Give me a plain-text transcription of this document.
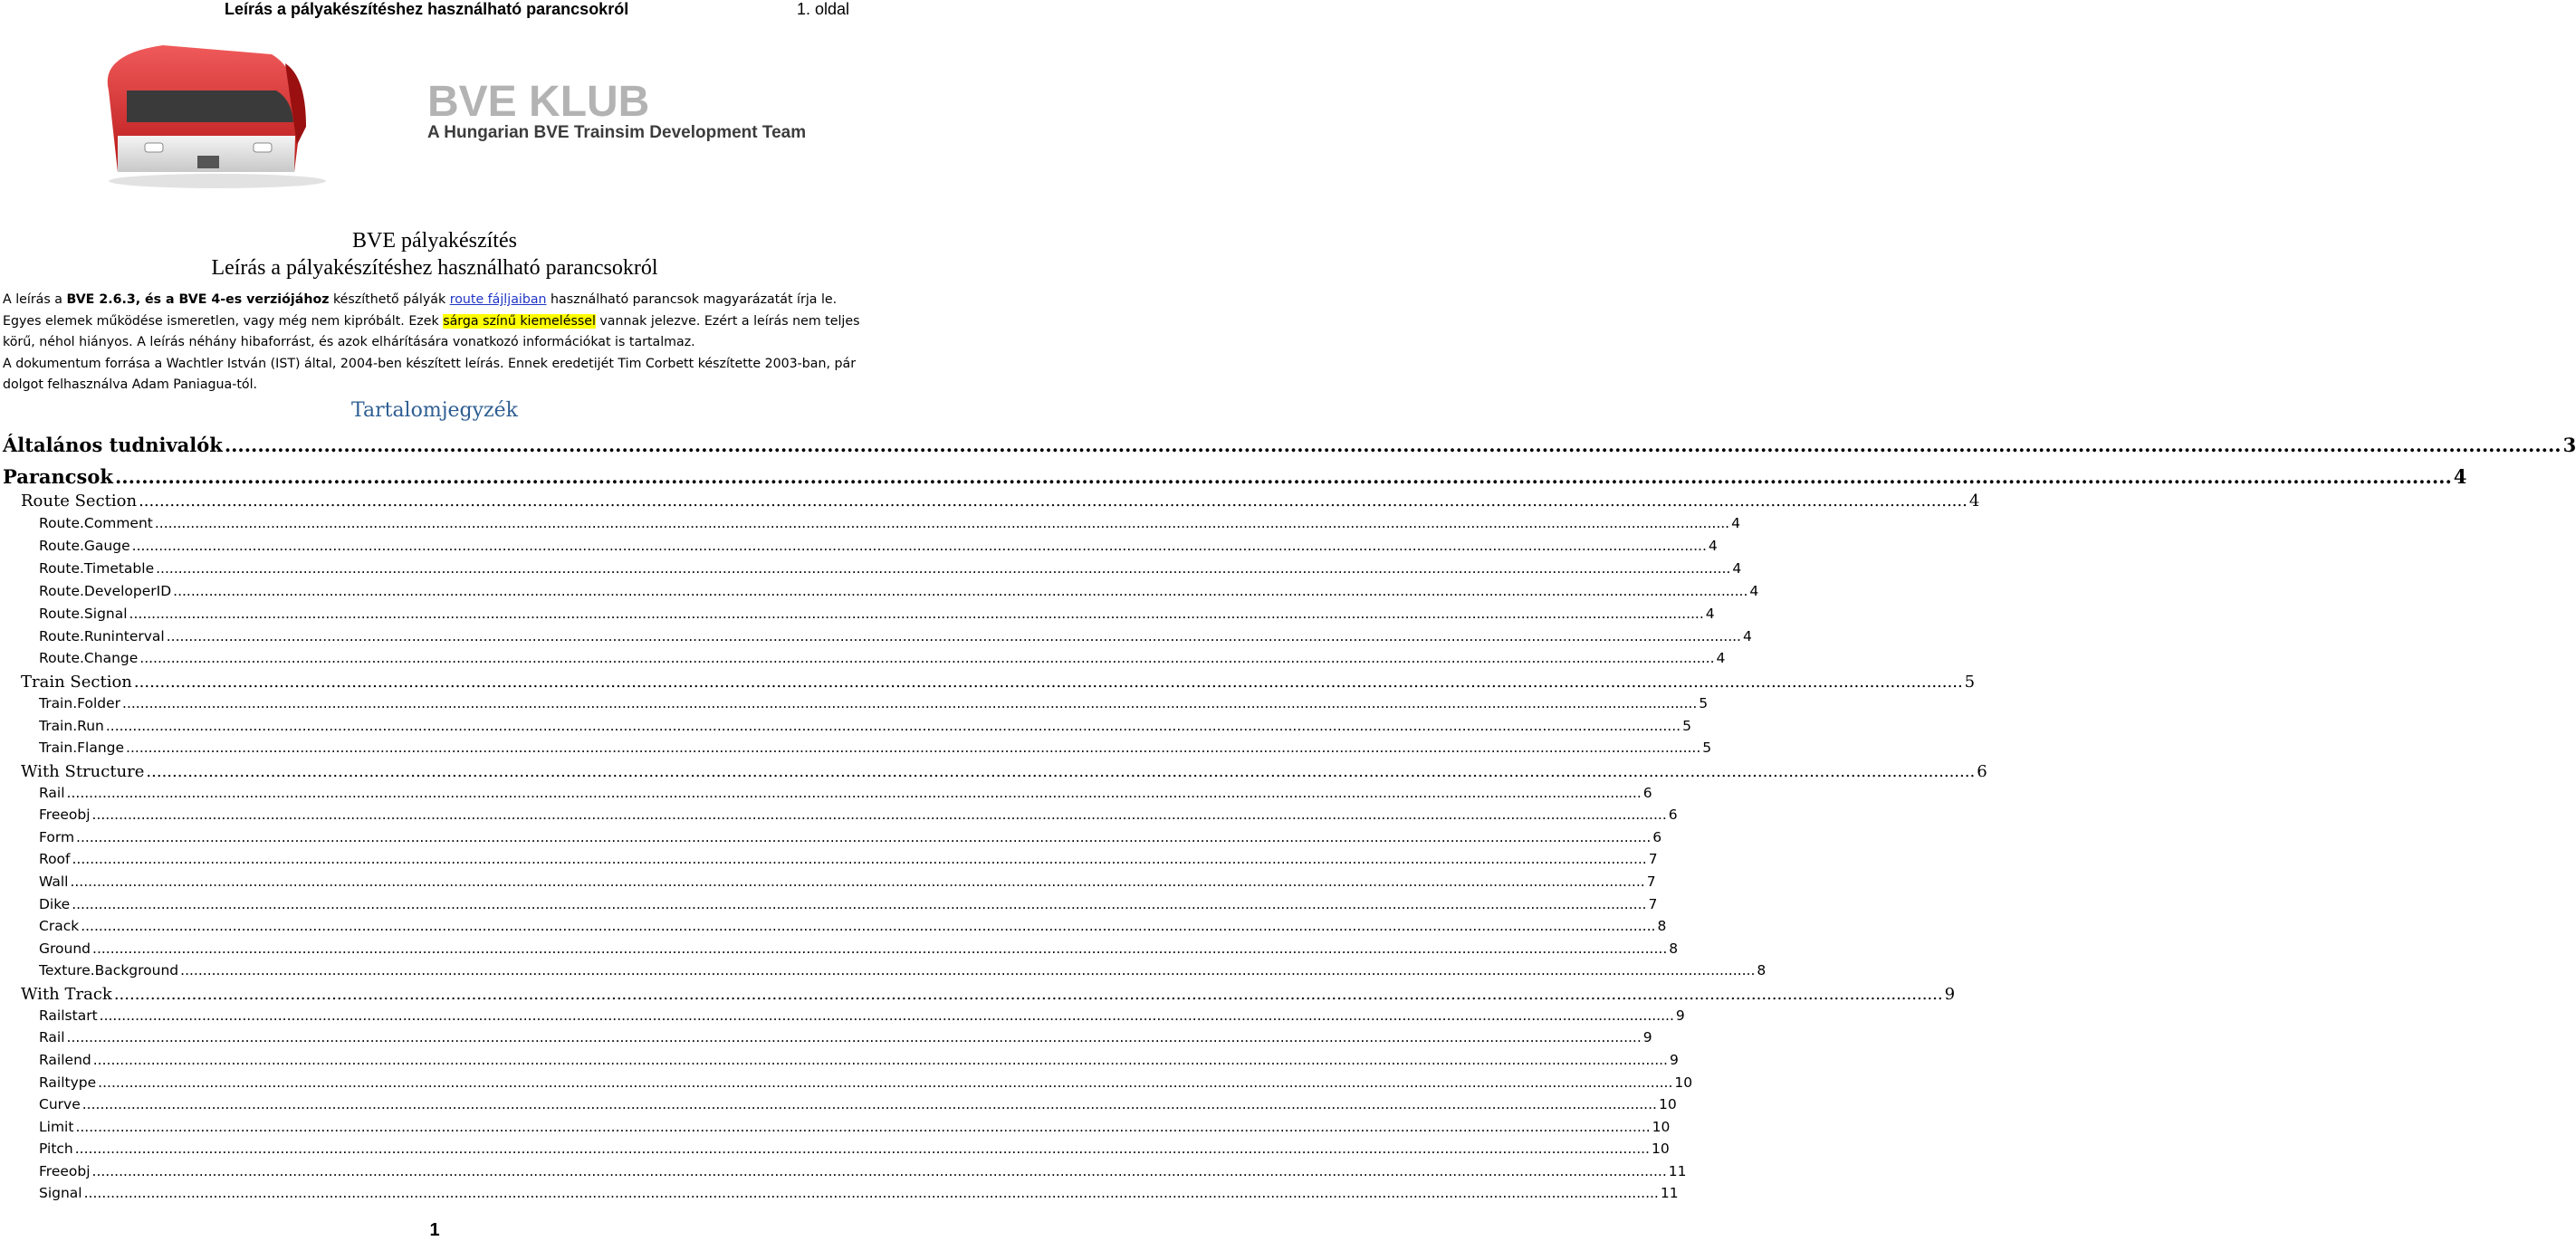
Leírás a pályakészítéshez használható parancsokról	1. oldal
BVE KLUB
A Hungarian BVE Trainsim Development Team
BVE pályakészítés
Leírás a pályakészítéshez használható parancsokról

A leírás a BVE 2.6.3, és a BVE 4-es verziójához készíthető pályák route fájljaiban használható parancsok magyarázatát írja le. Egyes elemek működése ismeretlen, vagy még nem kipróbált. Ezek sárga színű kiemeléssel vannak jelezve. Ezért a leírás nem teljes körű, néhol hiányos. A leírás néhány hibaforrást, és azok elhárítására vonatkozó információkat is tartalmaz.

A dokumentum forrása a Wachtler István (IST) által, 2004-ben készített leírás. Ennek eredetijét Tim Corbett készítette 2003-ban, pár dolgot felhasználva Adam Paniagua-tól.

Tartalomjegyzék
Általános tudnivalók .....	3
Parancsok .....	4
Route Section .....	4
Route.Comment .....	4
Route.Gauge .....	4
Route.Timetable .....	4
Route.DeveloperID .....	4
Route.Signal .....	4
Route.Runinterval .....	4
Route.Change .....	4
Train Section .....	5
Train.Folder .....	5
Train.Run .....	5
Train.Flange .....	5
With Structure .....	6
Rail .....	6
Freeobj .....	6
Form .....	6
Roof .....	7
Wall .....	7
Dike .....	7
Crack .....	8
Ground .....	8
Texture.Background .....	8
With Track .....	9
Railstart .....	9
Rail .....	9
Railend .....	9
Railtype .....	10
Curve .....	10
Limit .....	10
Pitch .....	10
Freeobj .....	11
Signal .....	11
1
